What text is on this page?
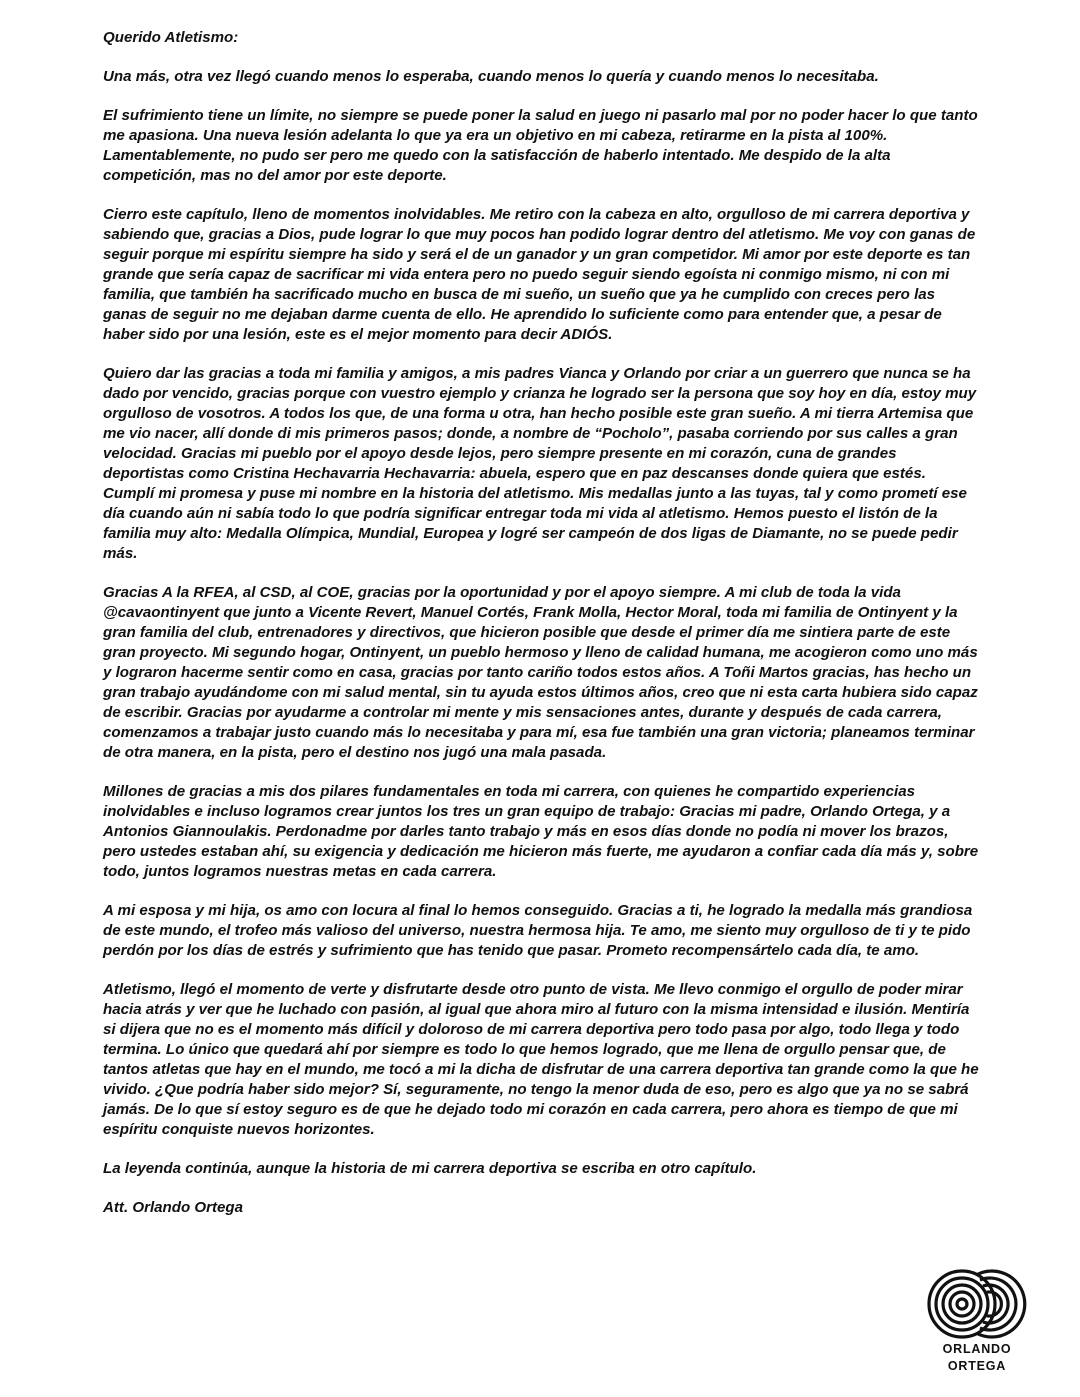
Querido Atletismo:

Una más, otra vez llegó cuando menos lo esperaba, cuando menos lo quería y cuando menos lo necesitaba.

El sufrimiento tiene un límite, no siempre se puede poner la salud en juego ni pasarlo mal por no poder hacer lo que tanto me apasiona. Una nueva lesión adelanta lo que ya era un objetivo en mi cabeza, retirarme en la pista al 100%. Lamentablemente, no pudo ser pero me quedo con la satisfacción de haberlo intentado. Me despido de la alta competición, mas no del amor por este deporte.

Cierro este capítulo, lleno de momentos inolvidables. Me retiro con la cabeza en alto, orgulloso de mi carrera deportiva y sabiendo que, gracias a Dios, pude lograr lo que muy pocos han podido lograr dentro del atletismo. Me voy con ganas de seguir porque mi espíritu siempre ha sido y será el de un ganador y un gran competidor. Mi amor por este deporte es tan grande que sería capaz de sacrificar mi vida entera pero no puedo seguir siendo egoísta ni conmigo mismo, ni con mi familia, que también ha sacrificado mucho en busca de mi sueño, un sueño que ya he cumplido con creces pero las ganas de seguir no me dejaban darme cuenta de ello. He aprendido lo suficiente como para entender que, a pesar de haber sido por una lesión, este es el mejor momento para decir ADIÓS.

Quiero dar las gracias a toda mi familia y amigos, a mis padres Vianca y Orlando por criar a un guerrero que nunca se ha dado por vencido, gracias porque con vuestro ejemplo y crianza he logrado ser la persona que soy hoy en día, estoy muy orgulloso de vosotros. A todos los que, de una forma u otra, han hecho posible este gran sueño. A mi tierra Artemisa que me vio nacer, allí donde di mis primeros pasos; donde, a nombre de “Pocholo”, pasaba corriendo por sus calles a gran velocidad. Gracias mi pueblo por el apoyo desde lejos, pero siempre presente en mi corazón, cuna de grandes deportistas como Cristina Hechavarria Hechavarria: abuela, espero que en paz descanses donde quiera que estés. Cumplí mi promesa y puse mi nombre en la historia del atletismo. Mis medallas junto a las tuyas, tal y como prometí ese día cuando aún ni sabía todo lo que podría significar entregar toda mi vida al atletismo. Hemos puesto el listón de la familia muy alto: Medalla Olímpica, Mundial, Europea y logré ser campeón de dos ligas de Diamante, no se puede pedir más.

Gracias A la RFEA, al CSD, al COE, gracias por la oportunidad y por el apoyo siempre. A mi club de toda la vida @cavaontinyent que junto a Vicente Revert, Manuel Cortés, Frank Molla, Hector Moral, toda mi familia de Ontinyent y la gran familia del club, entrenadores y directivos, que hicieron posible que desde el primer día me sintiera parte de este gran proyecto. Mi segundo hogar, Ontinyent, un pueblo hermoso y lleno de calidad humana, me acogieron como uno más y lograron hacerme sentir como en casa, gracias por tanto cariño todos estos años. A Toñi Martos gracias, has hecho un gran trabajo ayudándome con mi salud mental, sin tu ayuda estos últimos años, creo que ni esta carta hubiera sido capaz de escribir. Gracias por ayudarme a controlar mi mente y mis sensaciones antes, durante y después de cada carrera, comenzamos a trabajar justo cuando más lo necesitaba y para mí, esa fue también una gran victoria; planeamos terminar de otra manera, en la pista, pero el destino nos jugó una mala pasada.

Millones de gracias a mis dos pilares fundamentales en toda mi carrera, con quienes he compartido experiencias inolvidables e incluso logramos crear juntos los tres un gran equipo de trabajo: Gracias mi padre, Orlando Ortega, y a Antonios Giannoulakis. Perdonadme por darles tanto trabajo y más en esos días donde no podía ni mover los brazos, pero ustedes estaban ahí, su exigencia y dedicación me hicieron más fuerte, me ayudaron a confiar cada día más y, sobre todo, juntos logramos nuestras metas en cada carrera.

A mi esposa y mi hija, os amo con locura al final lo hemos conseguido. Gracias a ti, he logrado la medalla más grandiosa de este mundo, el trofeo más valioso del universo, nuestra hermosa hija. Te amo, me siento muy orgulloso de ti y te pido perdón por los días de estrés y sufrimiento que has tenido que pasar. Prometo recompensártelo cada día, te amo.

Atletismo, llegó el momento de verte y disfrutarte desde otro punto de vista. Me llevo conmigo el orgullo de poder mirar hacia atrás y ver que he luchado con pasión, al igual que ahora miro al futuro con la misma intensidad e ilusión. Mentiría si dijera que no es el momento más difícil y doloroso de mi carrera deportiva pero todo pasa por algo, todo llega y todo termina. Lo único que quedará ahí por siempre es todo lo que hemos logrado, que me llena de orgullo pensar que, de tantos atletas que hay en el mundo, me tocó a mi la dicha de disfrutar de una carrera deportiva tan grande como la que he vivido. ¿Que podría haber sido mejor? Sí, seguramente, no tengo la menor duda de eso, pero es algo que ya no se sabrá jamás. De lo que sí estoy seguro es de que he dejado todo mi corazón en cada carrera, pero ahora es tiempo de que mi espíritu conquiste nuevos horizontes.

La leyenda continúa, aunque la historia de mi carrera deportiva se escriba en otro capítulo.

Att. Orlando Ortega

ORLANDO
ORTEGA
